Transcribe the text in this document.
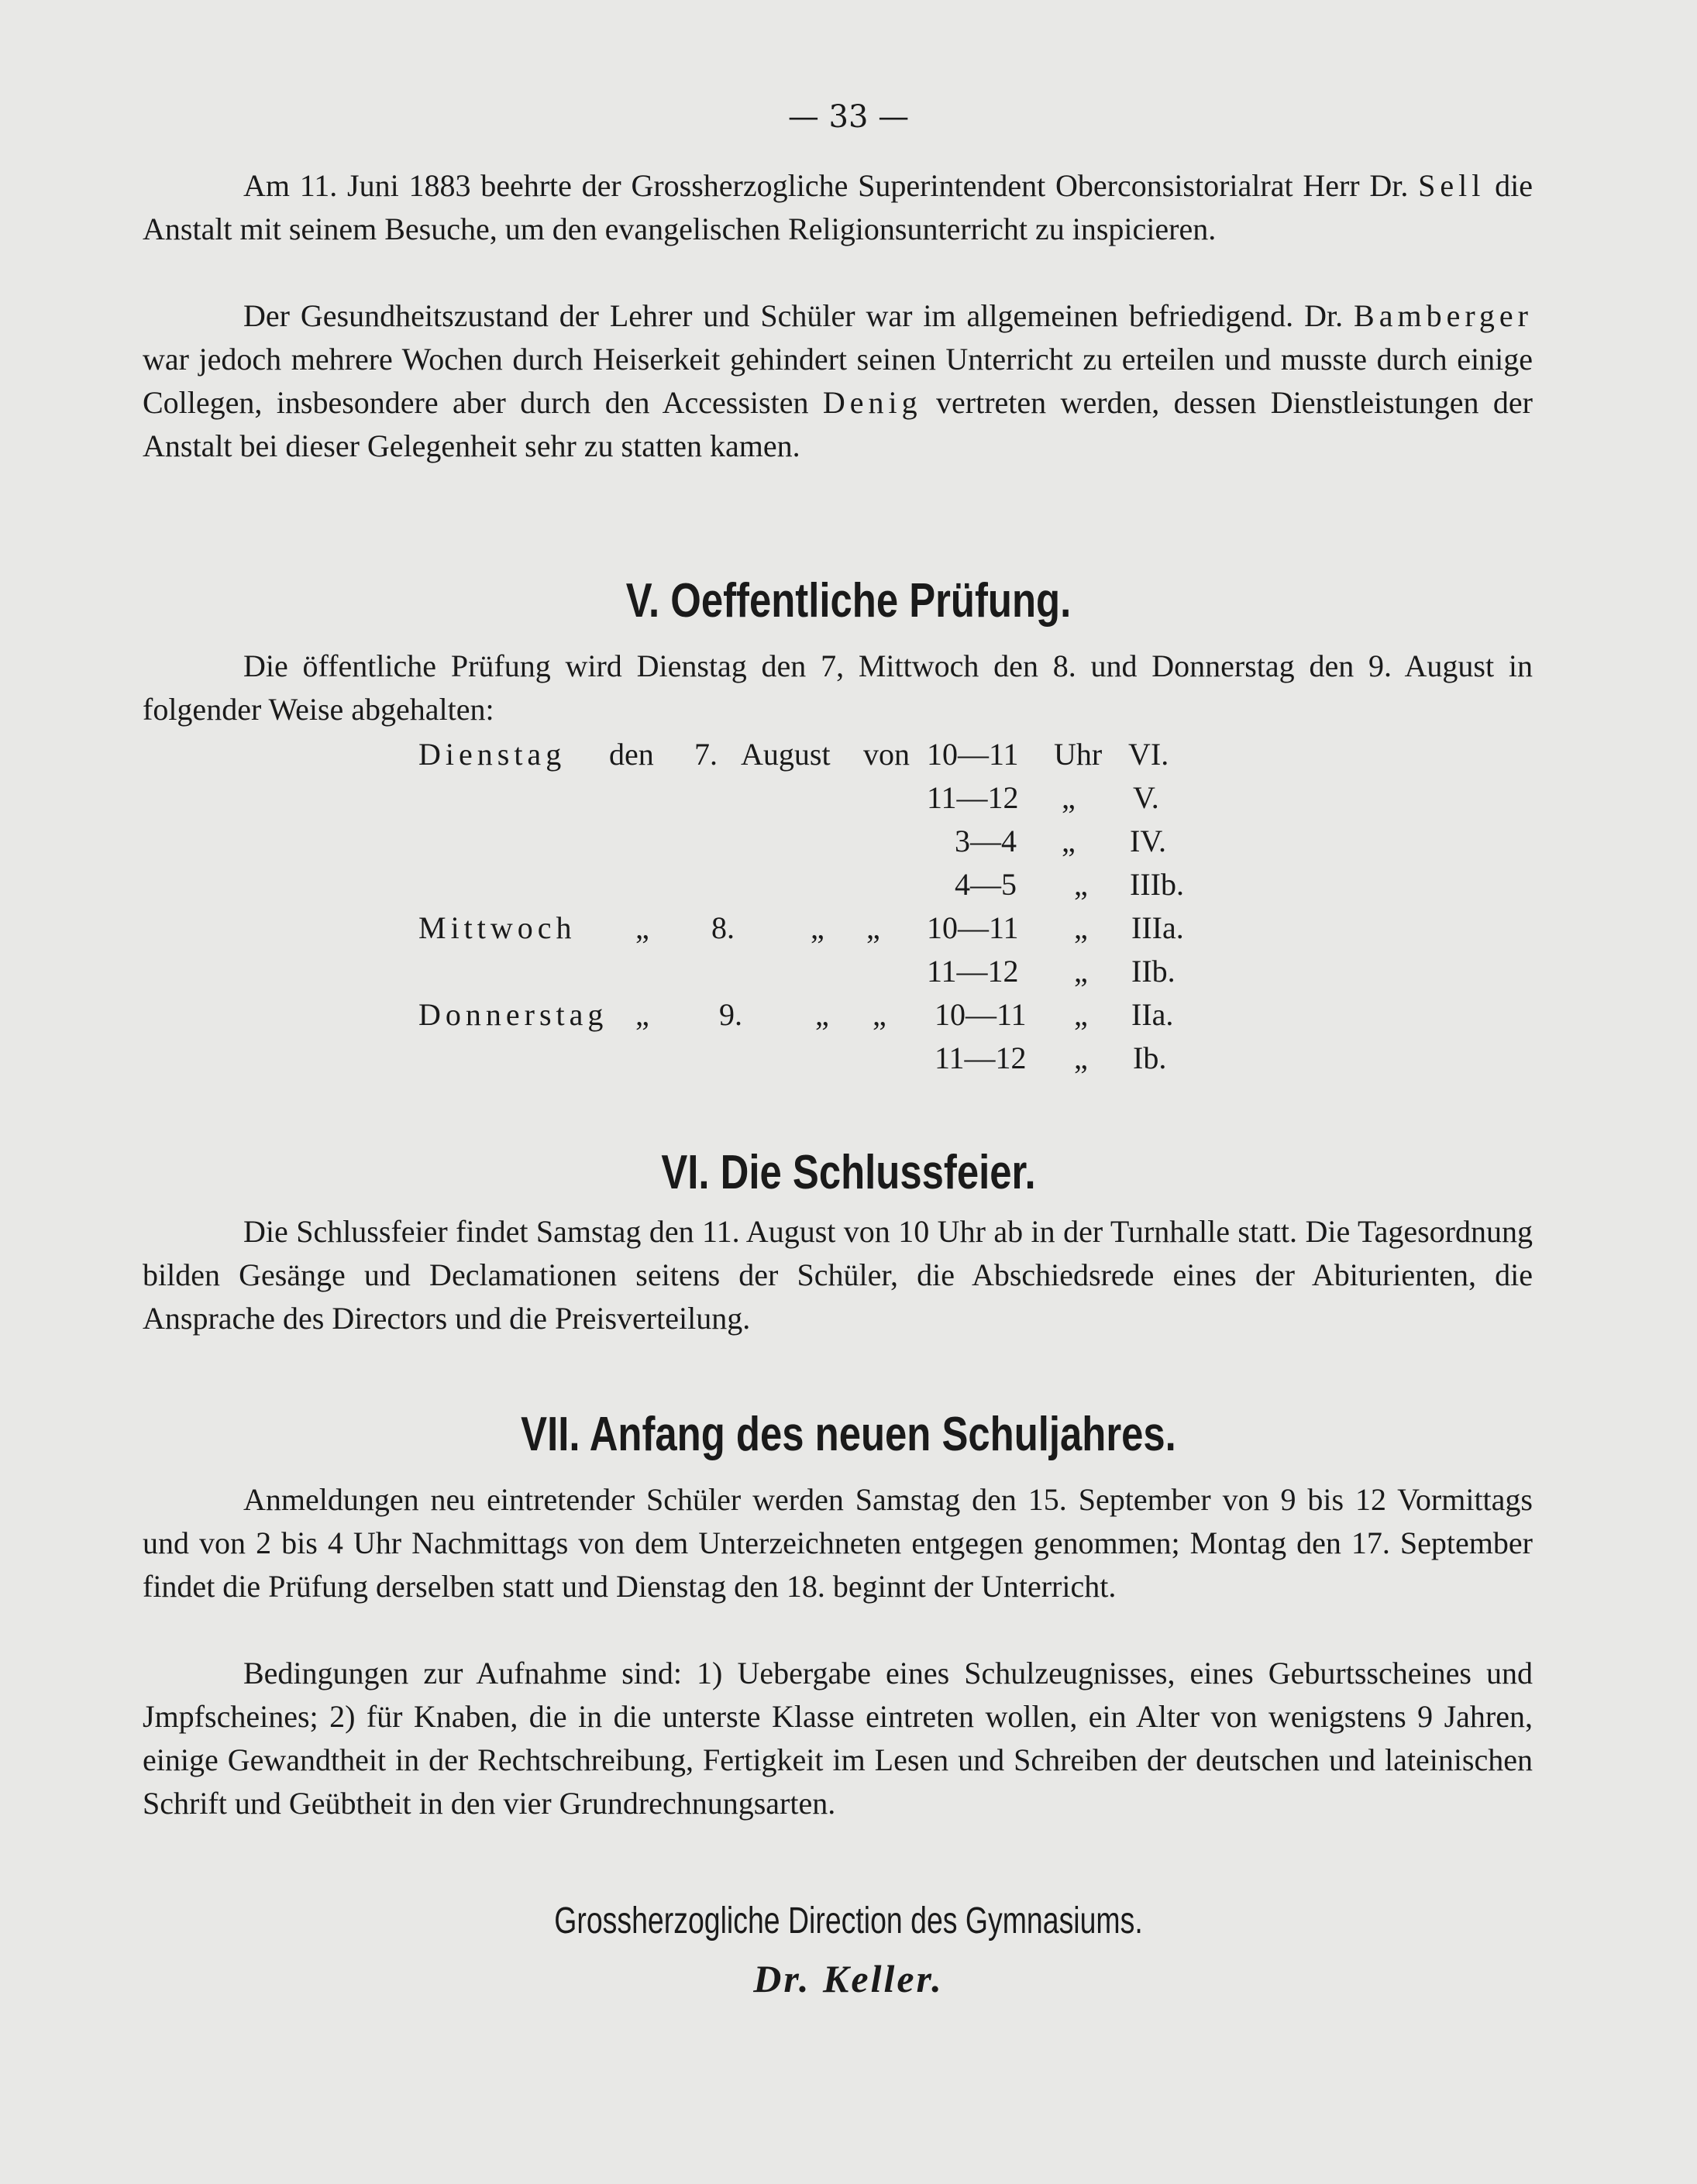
— 33 —

Am 11. Juni 1883 beehrte der Grossherzogliche Superintendent Oberconsistorialrat Herr Dr. Sell die Anstalt mit seinem Besuche, um den evangelischen Religionsunterricht zu inspicieren.

Der Gesundheitszustand der Lehrer und Schüler war im allgemeinen befriedigend. Dr. Bamberger war jedoch mehrere Wochen durch Heiserkeit gehindert seinen Unterricht zu erteilen und musste durch einige Collegen, insbesondere aber durch den Accessisten Denig vertreten werden, dessen Dienstleistungen der Anstalt bei dieser Gelegenheit sehr zu statten kamen.

V. Oeffentliche Prüfung.

Die öffentliche Prüfung wird Dienstag den 7, Mittwoch den 8. und Donnerstag den 9. August in folgender Weise abgehalten:

Dienstag den 7. August von 10—11 Uhr VI.
11—12 „ V.
3—4 „ IV.
4—5 „ IIIb.
Mittwoch „ 8. „ „ 10—11 „ IIIa.
11—12 „ IIb.
Donnerstag „ 9. „ „ 10—11 „ IIa.
11—12 „ Ib.
VI. Die Schlussfeier.

Die Schlussfeier findet Samstag den 11. August von 10 Uhr ab in der Turnhalle statt. Die Tagesordnung bilden Gesänge und Declamationen seitens der Schüler, die Abschiedsrede eines der Abiturienten, die Ansprache des Directors und die Preisverteilung.

VII. Anfang des neuen Schuljahres.

Anmeldungen neu eintretender Schüler werden Samstag den 15. September von 9 bis 12 Vormittags und von 2 bis 4 Uhr Nachmittags von dem Unterzeichneten entgegen genommen; Montag den 17. September findet die Prüfung derselben statt und Dienstag den 18. beginnt der Unterricht.

Bedingungen zur Aufnahme sind: 1) Uebergabe eines Schulzeugnisses, eines Geburtsscheines und Jmpfscheines; 2) für Knaben, die in die unterste Klasse eintreten wollen, ein Alter von wenigstens 9 Jahren, einige Gewandtheit in der Rechtschreibung, Fertigkeit im Lesen und Schreiben der deutschen und lateinischen Schrift und Geübtheit in den vier Grundrechnungsarten.

Grossherzogliche Direction des Gymnasiums.

Dr. Keller.
